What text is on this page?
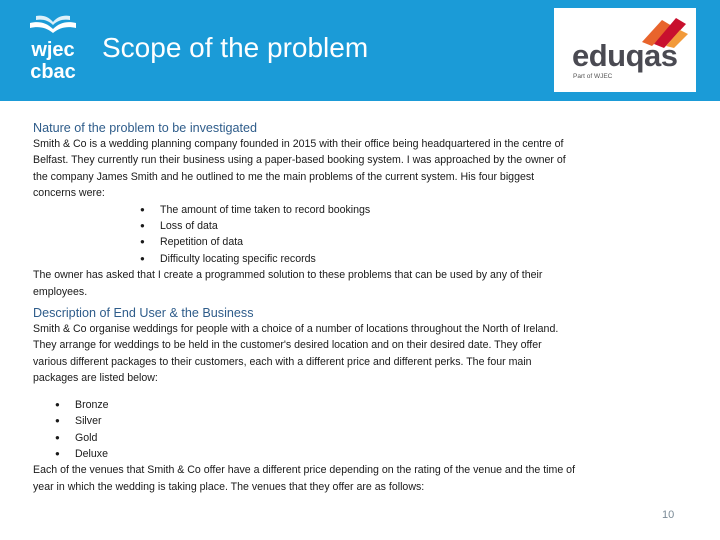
wjec
cbac
Scope of the problem	eduqas
Part of WJEC
Nature of the problem to be investigated

Smith & Co is a wedding planning company founded in 2015 with their office being headquartered in the centre of Belfast. They currently run their business using a paper-based booking system. I was approached by the owner of the company James Smith and he outlined to me the main problems of the current system. His four biggest concerns were:

● The amount of time taken to record bookings
● Loss of data
● Repetition of data
● Difficulty locating specific records

The owner has asked that I create a programmed solution to these problems that can be used by any of their employees.

Description of End User & the Business

Smith & Co organise weddings for people with a choice of a number of locations throughout the North of Ireland. They arrange for weddings to be held in the customer's desired location and on their desired date. They offer various different packages to their customers, each with a different price and different perks. The four main packages are listed below:

● Bronze
● Silver
● Gold
● Deluxe

Each of the venues that Smith & Co offer have a different price depending on the rating of the venue and the time of year in which the wedding is taking place. The venues that they offer are as follows:

10
